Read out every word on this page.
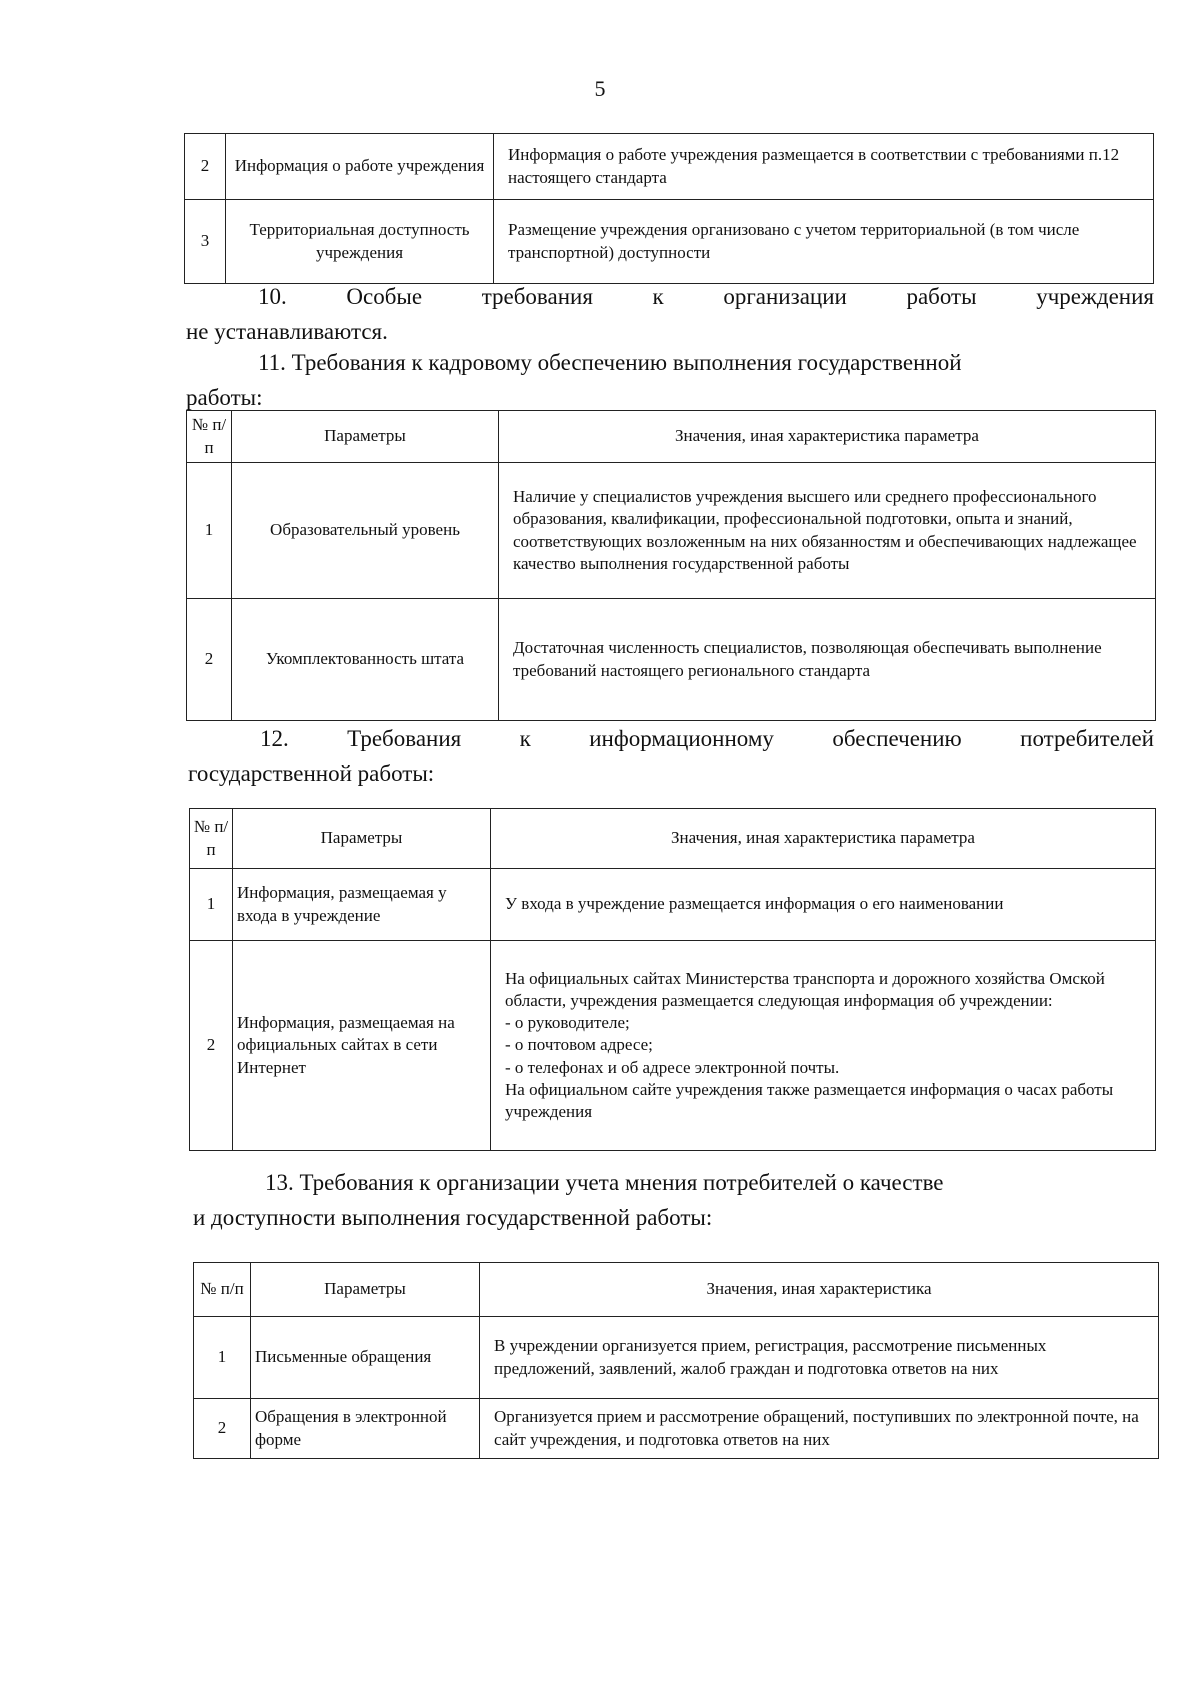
5
2	Информация о работе учреждения	Информация о работе учреждения размещается в соответствии с требованиями п.12 настоящего стандарта
3	Территориальная доступность учреждения	Размещение учреждения организовано с учетом территориальной (в том числе транспортной) доступности
10.	Особые	требования	к	организации	работы	учреждения
не устанавливаются.
11. Требования к кадровому обеспечению выполнения государственной
работы:
№ п/п	Параметры	Значения, иная характеристика параметра
1	Образовательный уровень	Наличие у специалистов учреждения высшего или среднего профессионального образования, квалификации, профессиональной подготовки, опыта и знаний, соответствующих возложенным на них обязанностям и обеспечивающих надлежащее качество выполнения государственной работы
2	Укомплектованность штата	Достаточная численность специалистов, позволяющая обеспечивать выполнение требований настоящего регионального стандарта
12.	Требования	к	информационному	обеспечению	потребителей
государственной работы:
№ п/п	Параметры	Значения, иная характеристика параметра
1	Информация, размещаемая у входа в учреждение	У входа в учреждение размещается информация о его наименовании
2	Информация, размещаемая на официальных сайтах в сети Интернет	На официальных сайтах Министерства транспорта и дорожного хозяйства Омской области, учреждения размещается следующая информация об учреждении:
- о руководителе;
- о почтовом адресе;
- о телефонах и об адресе электронной почты.
На официальном сайте учреждения также размещается информация о часах работы учреждения
13. Требования к организации учета мнения потребителей о качестве
и доступности выполнения государственной работы:
№ п/п	Параметры	Значения, иная характеристика
1	Письменные обращения	В учреждении организуется прием, регистрация, рассмотрение письменных предложений, заявлений, жалоб граждан и подготовка ответов на них
2	Обращения в электронной форме	Организуется прием и рассмотрение обращений, поступивших по электронной почте, на сайт учреждения, и подготовка ответов на них
